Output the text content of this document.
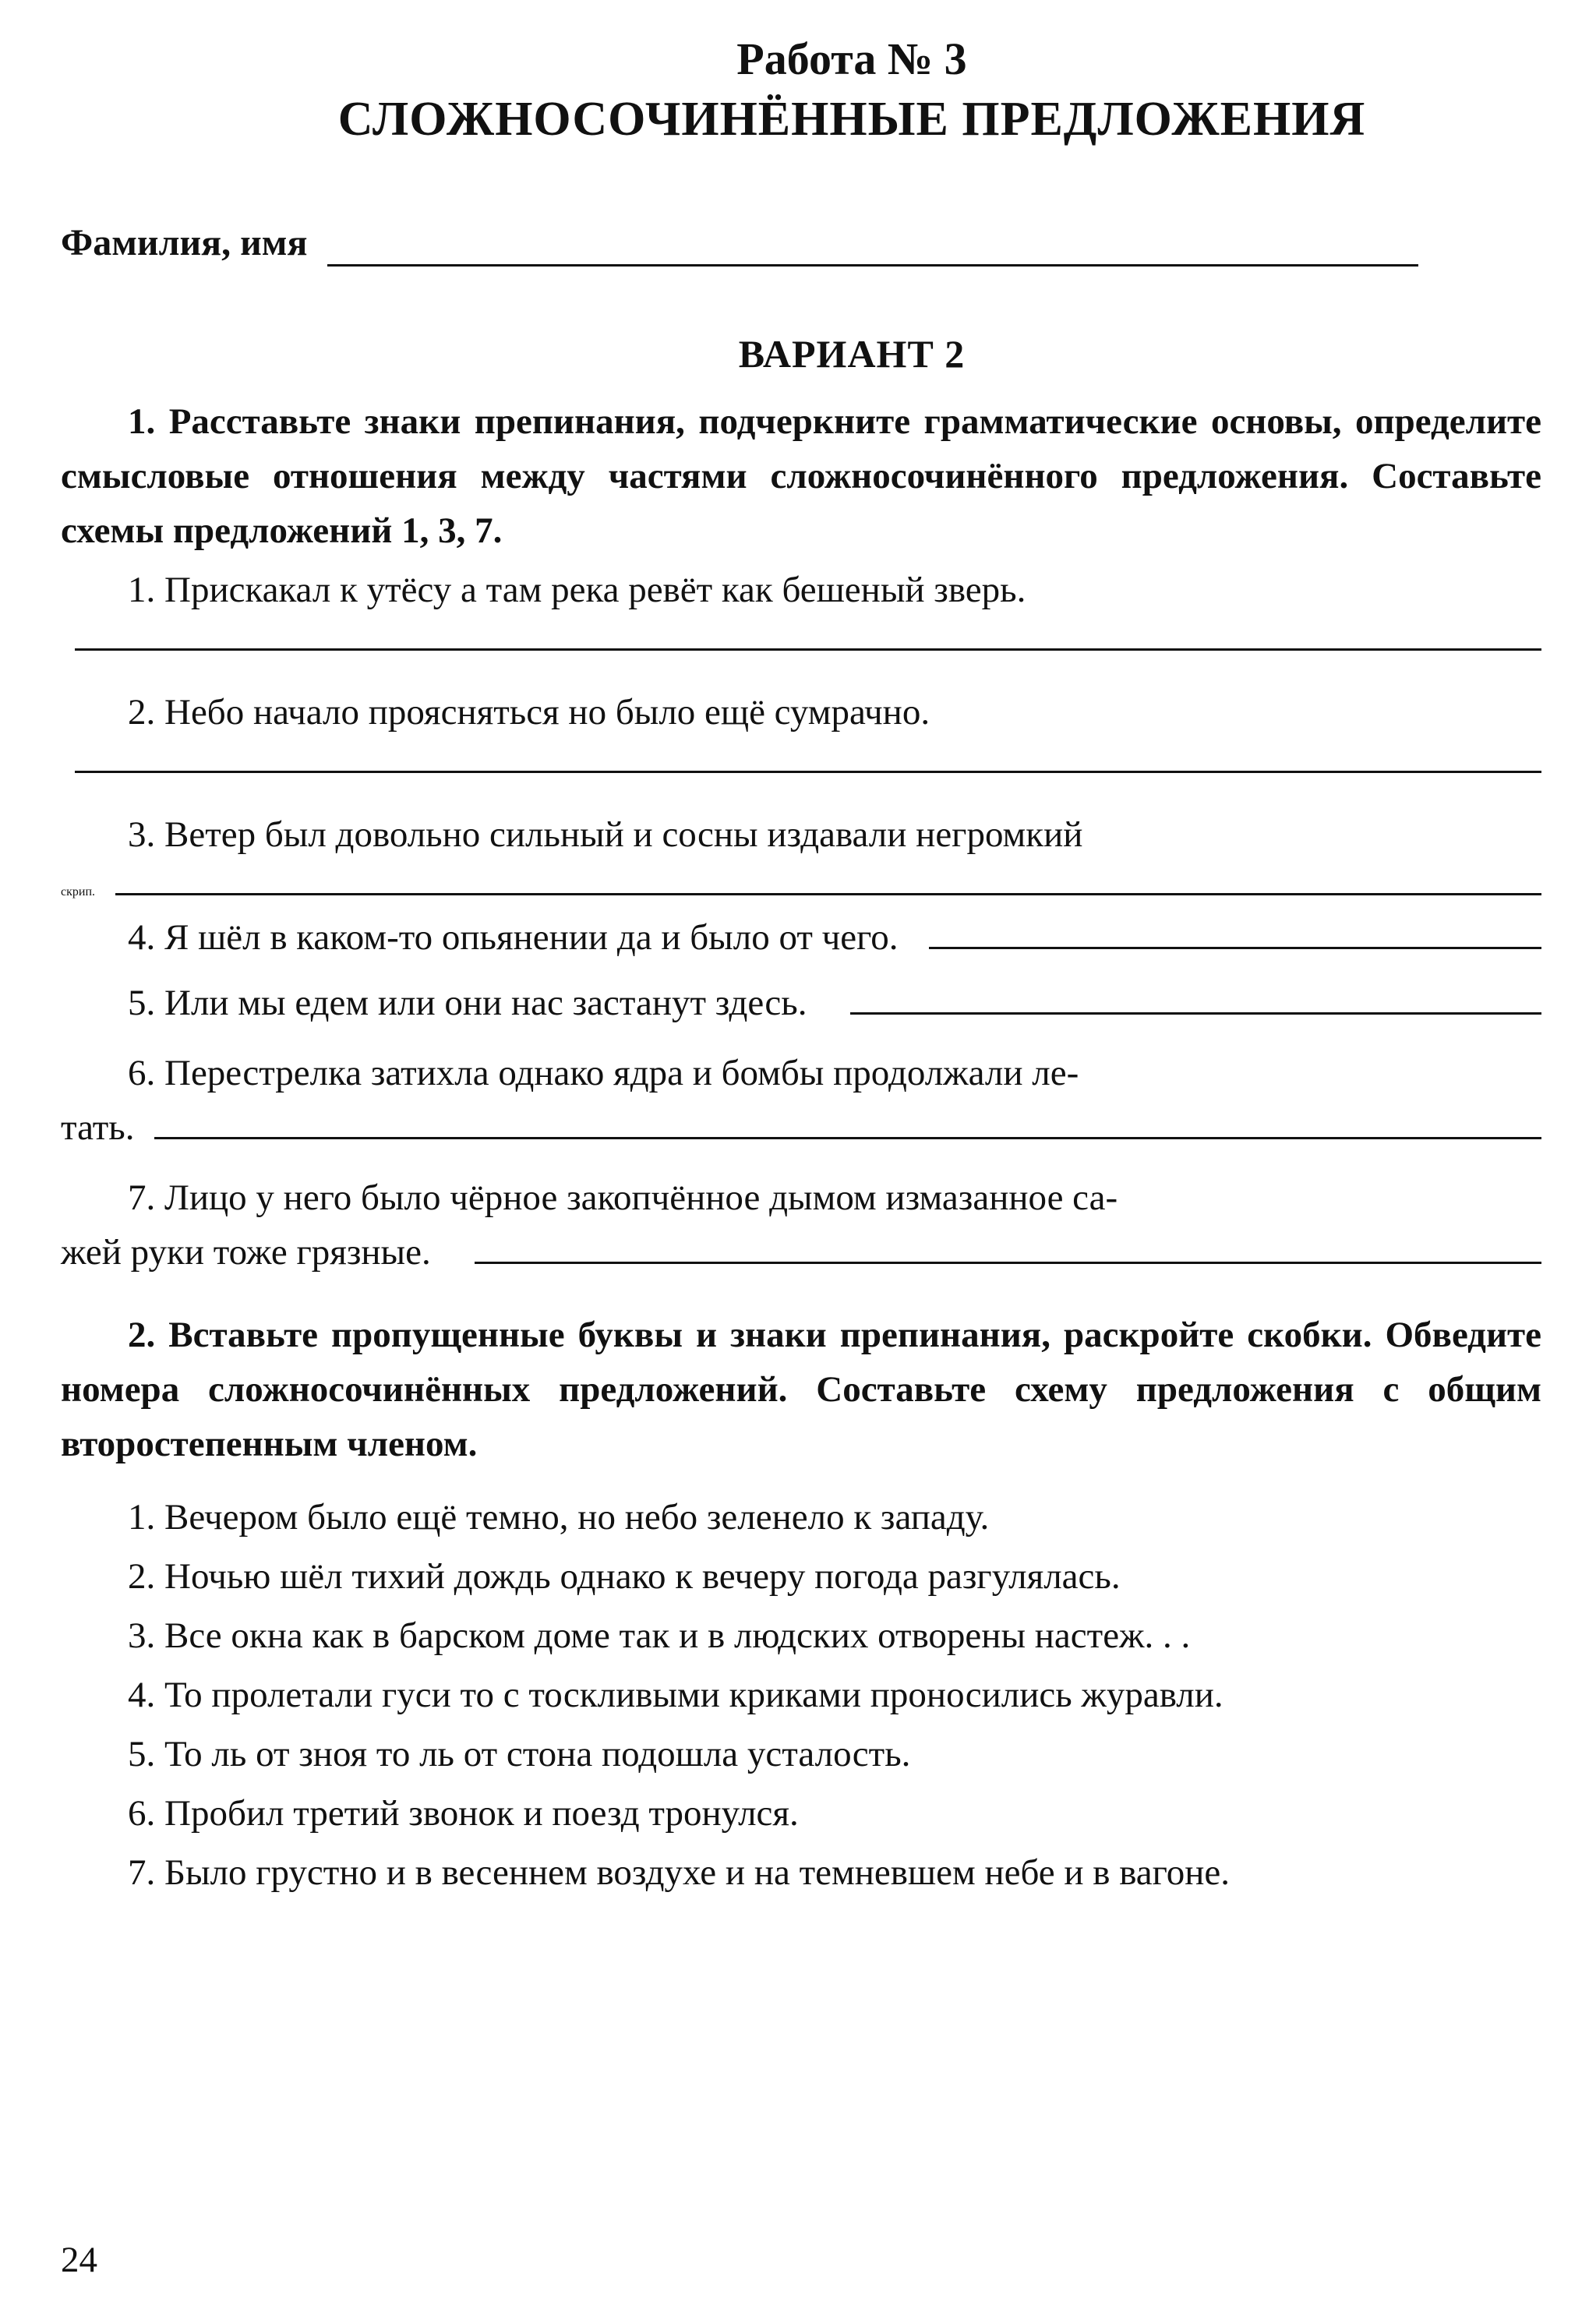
Работа № 3
СЛОЖНОСОЧИНЁННЫЕ ПРЕДЛОЖЕНИЯ
Фамилия, имя
ВАРИАНТ 2
1. Расставьте знаки препинания, подчеркните грамматические основы, определите смысловые отношения между частями сложносочинённого предложения. Составьте схемы предложений 1, 3, 7.
1. Прискакал к утёсу а там река ревёт как бешеный зверь.
2. Небо начало проясняться но было ещё сумрачно.
3. Ветер был довольно сильный и сосны издавали негромкий
скрип.
4. Я шёл в каком-то опьянении да и было от чего.
5. Или мы едем или они нас застанут здесь.
6. Перестрелка затихла однако ядра и бомбы продолжали ле-
тать.
7. Лицо у него было чёрное закопчённое дымом измазанное са-
жей руки тоже грязные.
2. Вставьте пропущенные буквы и знаки препинания, раскройте скобки. Обведите номера сложносочинённых предложений. Составьте схему предложения с общим второстепенным членом.
1. Вечером было ещё темно, но небо зеленело к западу.
2. Ночью шёл тихий дождь однако к вечеру погода разгулялась.
3. Все окна как в барском доме так и в людских отворены настеж. . .
4. То пролетали гуси то с тоскливыми криками проносились журавли.
5. То ль от зноя то ль от стона подошла усталость.
6. Пробил третий звонок и поезд тронулся.
7. Было грустно и в весеннем воздухе и на темневшем небе и в вагоне.
24
